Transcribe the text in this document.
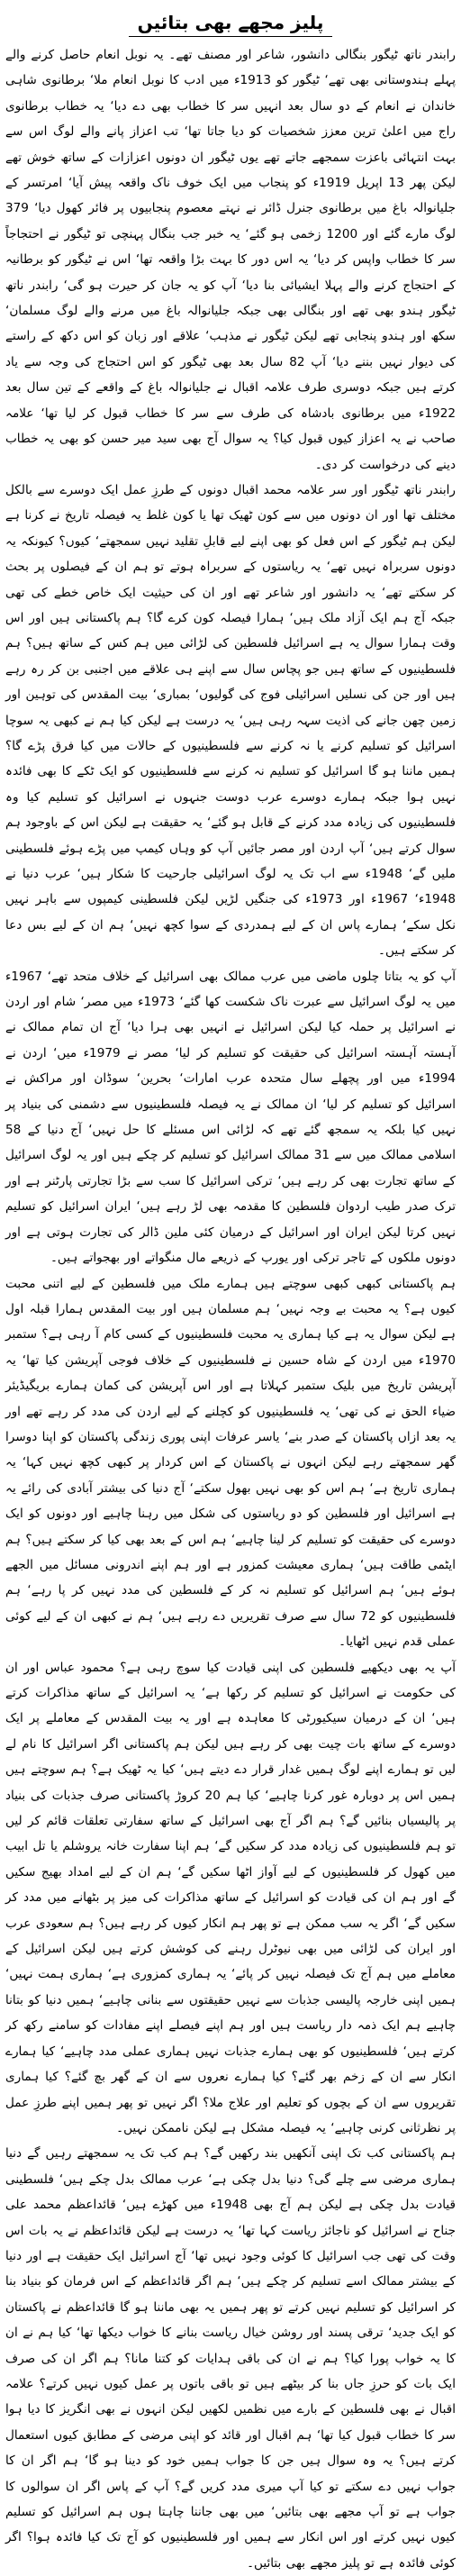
پلیز مجھے بھی بتائیں

رابندر ناتھ ٹیگور بنگالی دانشور، شاعر اور مصنف تھے۔ یہ نوبل انعام حاصل کرنے والے پہلے ہندوستانی بھی تھے‘ ٹیگور کو 1913ء میں ادب کا نوبل انعام ملا‘ برطانوی شاہی خاندان نے انعام کے دو سال بعد انہیں سر کا خطاب بھی دے دیا‘ یہ خطاب برطانوی راج میں اعلیٰ ترین معزز شخصیات کو دیا جاتا تھا‘ تب اعزاز پانے والے لوگ اس سے بہت انتہائی باعزت سمجھے جاتے تھے یوں ٹیگور ان دونوں اعزازات کے ساتھ خوش تھے لیکن پھر 13 اپریل 1919ء کو پنجاب میں ایک خوف ناک واقعہ پیش آیا‘ امرتسر کے جلیانوالہ باغ میں برطانوی جنرل ڈائر نے نہتے معصوم پنجابیوں پر فائر کھول دیا‘ 379 لوگ مارے گئے اور 1200 زخمی ہو گئے‘ یہ خبر جب بنگال پہنچی تو ٹیگور نے احتجاجاً سر کا خطاب واپس کر دیا‘ یہ اس دور کا بہت بڑا واقعہ تھا‘ اس نے ٹیگور کو برطانیہ کے احتجاج کرنے والے پہلا ایشیائی بنا دیا‘ آپ کو یہ جان کر حیرت ہو گی‘ رابندر ناتھ ٹیگور ہندو بھی تھے اور بنگالی بھی جبکہ جلیانوالہ باغ میں مرنے والے لوگ مسلمان‘ سکھ اور ہندو پنجابی تھے لیکن ٹیگور نے مذہب‘ علاقے اور زبان کو اس دکھ کے راستے کی دیوار نہیں بننے دیا‘ آپ 82 سال بعد بھی ٹیگور کو اس احتجاج کی وجہ سے یاد کرتے ہیں جبکہ دوسری طرف علامہ اقبال نے جلیانوالہ باغ کے واقعے کے تین سال بعد 1922ء میں برطانوی بادشاہ کی طرف سے سر کا خطاب قبول کر لیا تھا‘ علامہ صاحب نے یہ اعزاز کیوں قبول کیا؟ یہ سوال آج بھی سید میر حسن کو بھی یہ خطاب دینے کی درخواست کر دی۔

رابندر ناتھ ٹیگور اور سر علامہ محمد اقبال دونوں کے طرزِ عمل ایک دوسرے سے بالکل مختلف تھا اور ان دونوں میں سے کون ٹھیک تھا یا کون غلط یہ فیصلہ تاریخ نے کرنا ہے لیکن ہم ٹیگور کے اس فعل کو بھی اپنے لیے قابلِ تقلید نہیں سمجھتے‘ کیوں؟ کیونکہ یہ دونوں سربراہ نہیں تھے‘ یہ ریاستوں کے سربراہ ہوتے تو ہم ان کے فیصلوں پر بحث کر سکتے تھے‘ یہ دانشور اور شاعر تھے اور ان کی حیثیت ایک خاص خطے کی تھی جبکہ آج ہم ایک آزاد ملک ہیں‘ ہمارا فیصلہ کون کرے گا؟ ہم پاکستانی ہیں اور اس وقت ہمارا سوال یہ ہے اسرائیل فلسطین کی لڑائی میں ہم کس کے ساتھ ہیں؟ ہم فلسطینیوں کے ساتھ ہیں جو پچاس سال سے اپنے ہی علاقے میں اجنبی بن کر رہ رہے ہیں اور جن کی نسلیں اسرائیلی فوج کی گولیوں‘ بمباری‘ بیت المقدس کی توہین اور زمین چھن جانے کی اذیت سہہ رہی ہیں‘ یہ درست ہے لیکن کیا ہم نے کبھی یہ سوچا اسرائیل کو تسلیم کرنے یا نہ کرنے سے فلسطینیوں کے حالات میں کیا فرق پڑے گا؟ ہمیں ماننا ہو گا اسرائیل کو تسلیم نہ کرنے سے فلسطینیوں کو ایک ٹکے کا بھی فائدہ نہیں ہوا جبکہ ہمارے دوسرے عرب دوست جنہوں نے اسرائیل کو تسلیم کیا وہ فلسطینیوں کی زیادہ مدد کرنے کے قابل ہو گئے‘ یہ حقیقت ہے لیکن اس کے باوجود ہم سوال کرتے ہیں‘ آپ اردن اور مصر جائیں آپ کو وہاں کیمپ میں پڑے ہوئے فلسطینی ملیں گے‘ 1948ء سے اب تک یہ لوگ اسرائیلی جارحیت کا شکار ہیں‘ عرب دنیا نے 1948ء‘ 1967ء اور 1973ء کی جنگیں لڑیں لیکن فلسطینی کیمپوں سے باہر نہیں نکل سکے‘ ہمارے پاس ان کے لیے ہمدردی کے سوا کچھ نہیں‘ ہم ان کے لیے بس دعا کر سکتے ہیں۔

آپ کو یہ بتاتا چلوں ماضی میں عرب ممالک بھی اسرائیل کے خلاف متحد تھے‘ 1967ء میں یہ لوگ اسرائیل سے عبرت ناک شکست کھا گئے‘ 1973ء میں مصر‘ شام اور اردن نے اسرائیل پر حملہ کیا لیکن اسرائیل نے انہیں بھی ہرا دیا‘ آج ان تمام ممالک نے آہستہ آہستہ اسرائیل کی حقیقت کو تسلیم کر لیا‘ مصر نے 1979ء میں‘ اردن نے 1994ء میں اور پچھلے سال متحدہ عرب امارات‘ بحرین‘ سوڈان اور مراکش نے اسرائیل کو تسلیم کر لیا‘ ان ممالک نے یہ فیصلہ فلسطینیوں سے دشمنی کی بنیاد پر نہیں کیا بلکہ یہ سمجھ گئے تھے کہ لڑائی اس مسئلے کا حل نہیں‘ آج دنیا کے 58 اسلامی ممالک میں سے 31 ممالک اسرائیل کو تسلیم کر چکے ہیں اور یہ لوگ اسرائیل کے ساتھ تجارت بھی کر رہے ہیں‘ ترکی اسرائیل کا سب سے بڑا تجارتی پارٹنر ہے اور ترک صدر طیب اردوان فلسطین کا مقدمہ بھی لڑ رہے ہیں‘ ایران اسرائیل کو تسلیم نہیں کرتا لیکن ایران اور اسرائیل کے درمیان کئی ملین ڈالر کی تجارت ہوتی ہے اور دونوں ملکوں کے تاجر ترکی اور یورپ کے ذریعے مال منگواتے اور بھجواتے ہیں۔

ہم پاکستانی کبھی کبھی سوچتے ہیں ہمارے ملک میں فلسطین کے لیے اتنی محبت کیوں ہے؟ یہ محبت بے وجہ نہیں‘ ہم مسلمان ہیں اور بیت المقدس ہمارا قبلہ اول ہے لیکن سوال یہ ہے کیا ہماری یہ محبت فلسطینیوں کے کسی کام آ رہی ہے؟ ستمبر 1970ء میں اردن کے شاہ حسین نے فلسطینیوں کے خلاف فوجی آپریشن کیا تھا‘ یہ آپریشن تاریخ میں بلیک ستمبر کہلاتا ہے اور اس آپریشن کی کمان ہمارے بریگیڈیئر ضیاء الحق نے کی تھی‘ یہ فلسطینیوں کو کچلنے کے لیے اردن کی مدد کر رہے تھے اور یہ بعد ازاں پاکستان کے صدر بنے‘ یاسر عرفات اپنی پوری زندگی پاکستان کو اپنا دوسرا گھر سمجھتے رہے لیکن انہوں نے پاکستان کے اس کردار پر کبھی کچھ نہیں کہا‘ یہ ہماری تاریخ ہے‘ ہم اس کو بھی نہیں بھول سکتے‘ آج دنیا کی بیشتر آبادی کی رائے یہ ہے اسرائیل اور فلسطین کو دو ریاستوں کی شکل میں رہنا چاہیے اور دونوں کو ایک دوسرے کی حقیقت کو تسلیم کر لینا چاہیے‘ ہم اس کے بعد بھی کیا کر سکتے ہیں؟ ہم ایٹمی طاقت ہیں‘ ہماری معیشت کمزور ہے اور ہم اپنے اندرونی مسائل میں الجھے ہوئے ہیں‘ ہم اسرائیل کو تسلیم نہ کر کے فلسطین کی مدد نہیں کر پا رہے‘ ہم فلسطینیوں کو 72 سال سے صرف تقریریں دے رہے ہیں‘ ہم نے کبھی ان کے لیے کوئی عملی قدم نہیں اٹھایا۔

آپ یہ بھی دیکھیے فلسطین کی اپنی قیادت کیا سوچ رہی ہے؟ محمود عباس اور ان کی حکومت نے اسرائیل کو تسلیم کر رکھا ہے‘ یہ اسرائیل کے ساتھ مذاکرات کرتے ہیں‘ ان کے درمیان سیکیورٹی کا معاہدہ ہے اور یہ بیت المقدس کے معاملے پر ایک دوسرے کے ساتھ بات چیت بھی کر رہے ہیں لیکن ہم پاکستانی اگر اسرائیل کا نام لے لیں تو ہمارے اپنے لوگ ہمیں غدار قرار دے دیتے ہیں‘ کیا یہ ٹھیک ہے؟ ہم سوچتے ہیں ہمیں اس پر دوبارہ غور کرنا چاہیے‘ کیا ہم 20 کروڑ پاکستانی صرف جذبات کی بنیاد پر پالیسیاں بنائیں گے؟ ہم اگر آج بھی اسرائیل کے ساتھ سفارتی تعلقات قائم کر لیں تو ہم فلسطینیوں کی زیادہ مدد کر سکیں گے‘ ہم اپنا سفارت خانہ یروشلم یا تل ابیب میں کھول کر فلسطینیوں کے لیے آواز اٹھا سکیں گے‘ ہم ان کے لیے امداد بھیج سکیں گے اور ہم ان کی قیادت کو اسرائیل کے ساتھ مذاکرات کی میز پر بٹھانے میں مدد کر سکیں گے‘ اگر یہ سب ممکن ہے تو پھر ہم انکار کیوں کر رہے ہیں؟ ہم سعودی عرب اور ایران کی لڑائی میں بھی نیوٹرل رہنے کی کوشش کرتے ہیں لیکن اسرائیل کے معاملے میں ہم آج تک فیصلہ نہیں کر پائے‘ یہ ہماری کمزوری ہے‘ ہماری ہمت نہیں‘ ہمیں اپنی خارجہ پالیسی جذبات سے نہیں حقیقتوں سے بنانی چاہیے‘ ہمیں دنیا کو بتانا چاہیے ہم ایک ذمہ دار ریاست ہیں اور ہم اپنے فیصلے اپنے مفادات کو سامنے رکھ کر کرتے ہیں‘ فلسطینیوں کو بھی ہمارے جذبات نہیں ہماری عملی مدد چاہیے‘ کیا ہمارے انکار سے ان کے زخم بھر گئے؟ کیا ہمارے نعروں سے ان کے گھر بچ گئے؟ کیا ہماری تقریروں سے ان کے بچوں کو تعلیم اور علاج ملا؟ اگر نہیں تو پھر ہمیں اپنے طرزِ عمل پر نظرثانی کرنی چاہیے‘ یہ فیصلہ مشکل ہے لیکن ناممکن نہیں۔

ہم پاکستانی کب تک اپنی آنکھیں بند رکھیں گے؟ ہم کب تک یہ سمجھتے رہیں گے دنیا ہماری مرضی سے چلے گی؟ دنیا بدل چکی ہے‘ عرب ممالک بدل چکے ہیں‘ فلسطینی قیادت بدل چکی ہے لیکن ہم آج بھی 1948ء میں کھڑے ہیں‘ قائداعظم محمد علی جناح نے اسرائیل کو ناجائز ریاست کہا تھا‘ یہ درست ہے لیکن قائداعظم نے یہ بات اس وقت کی تھی جب اسرائیل کا کوئی وجود نہیں تھا‘ آج اسرائیل ایک حقیقت ہے اور دنیا کے بیشتر ممالک اسے تسلیم کر چکے ہیں‘ ہم اگر قائداعظم کے اس فرمان کو بنیاد بنا کر اسرائیل کو تسلیم نہیں کرتے تو پھر ہمیں یہ بھی ماننا ہو گا قائداعظم نے پاکستان کو ایک جدید‘ ترقی پسند اور روشن خیال ریاست بنانے کا خواب دیکھا تھا‘ کیا ہم نے ان کا یہ خواب پورا کیا؟ ہم نے ان کی باقی ہدایات کو کتنا مانا؟ ہم اگر ان کی صرف ایک بات کو حرزِ جاں بنا کر بیٹھے ہیں تو باقی باتوں پر عمل کیوں نہیں کرتے؟ علامہ اقبال نے بھی فلسطین کے بارے میں نظمیں لکھیں لیکن انہوں نے بھی انگریز کا دیا ہوا سر کا خطاب قبول کیا تھا‘ ہم اقبال اور قائد کو اپنی مرضی کے مطابق کیوں استعمال کرتے ہیں؟ یہ وہ سوال ہیں جن کا جواب ہمیں خود کو دینا ہو گا‘ ہم اگر ان کا جواب نہیں دے سکتے تو کیا آپ میری مدد کریں گے؟ آپ کے پاس اگر ان سوالوں کا جواب ہے تو آپ مجھے بھی بتائیں‘ میں بھی جاننا چاہتا ہوں ہم اسرائیل کو تسلیم کیوں نہیں کرتے اور اس انکار سے ہمیں اور فلسطینیوں کو آج تک کیا فائدہ ہوا؟ اگر کوئی فائدہ ہے تو پلیز مجھے بھی بتائیں۔
